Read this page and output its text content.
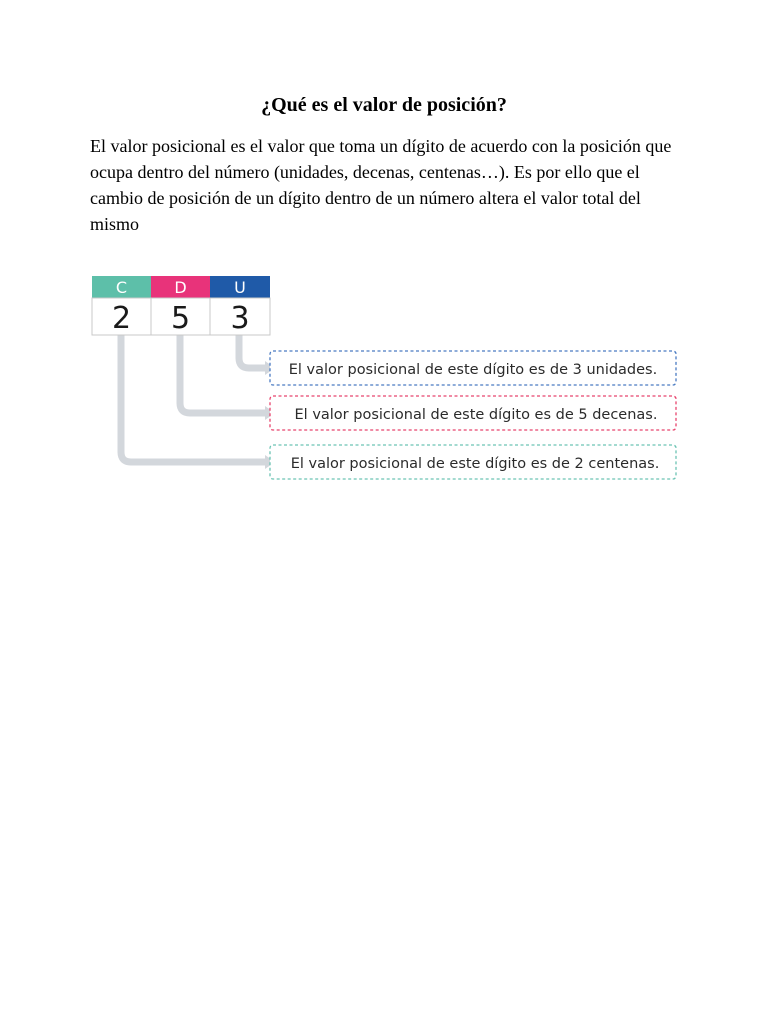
¿Qué es el valor de posición?

El valor posicional es el valor que toma un dígito de acuerdo con la posición que ocupa dentro del número (unidades, decenas, centenas…). Es por ello que el cambio de posición de un dígito dentro de un número altera el valor total del mismo

C	D	U
2 5 3
El valor posicional de este dígito es de 3 unidades.
El valor posicional de este dígito es de 5 decenas.
El valor posicional de este dígito es de 2 centenas.
